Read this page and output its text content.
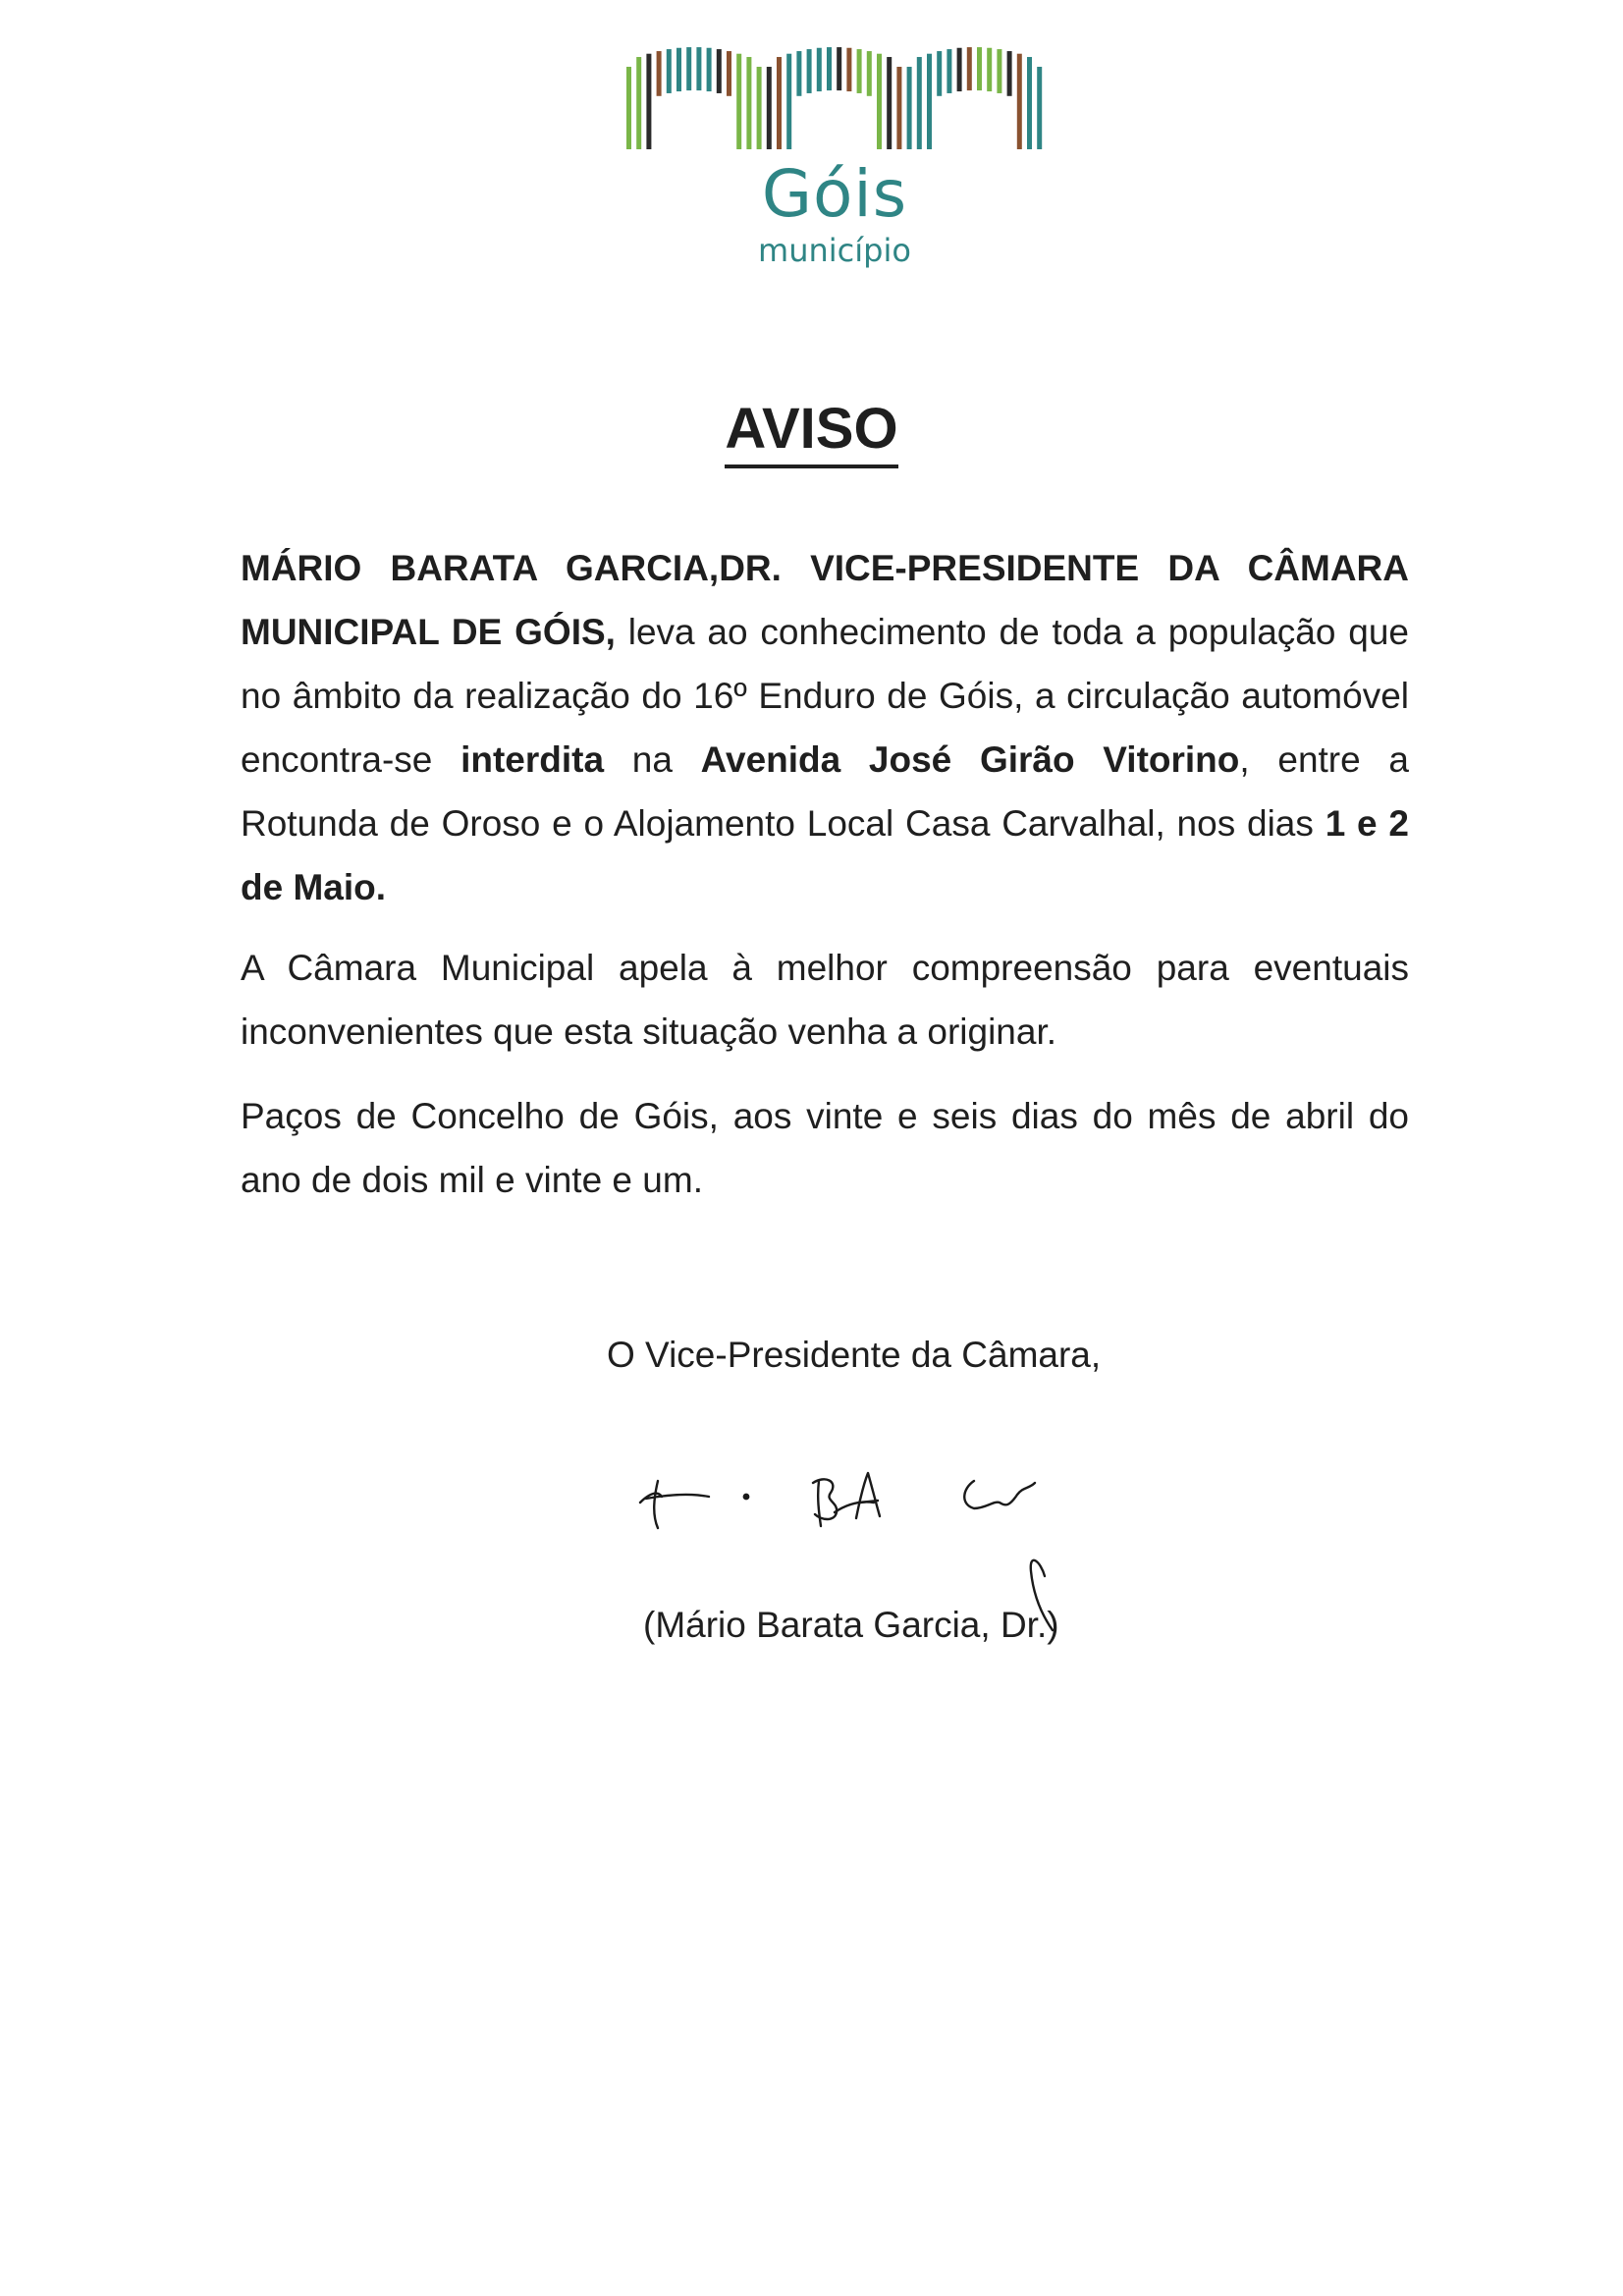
Góis
município
AVISO
MÁRIO BARATA GARCIA,DR. VICE-PRESIDENTE DA CÂMARA MUNICIPAL DE GÓIS, leva ao conhecimento de toda a população que no âmbito da realização do 16º Enduro de Góis, a circulação automóvel encontra-se interdita na Avenida José Girão Vitorino, entre a Rotunda de Oroso e o Alojamento Local Casa Carvalhal, nos dias 1 e 2 de Maio.
A Câmara Municipal apela à melhor compreensão para eventuais inconvenientes que esta situação venha a originar.
Paços de Concelho de Góis, aos vinte e seis dias do mês de abril do ano de dois mil e vinte e um.
O Vice-Presidente da Câmara,
(Mário Barata Garcia, Dr.)
